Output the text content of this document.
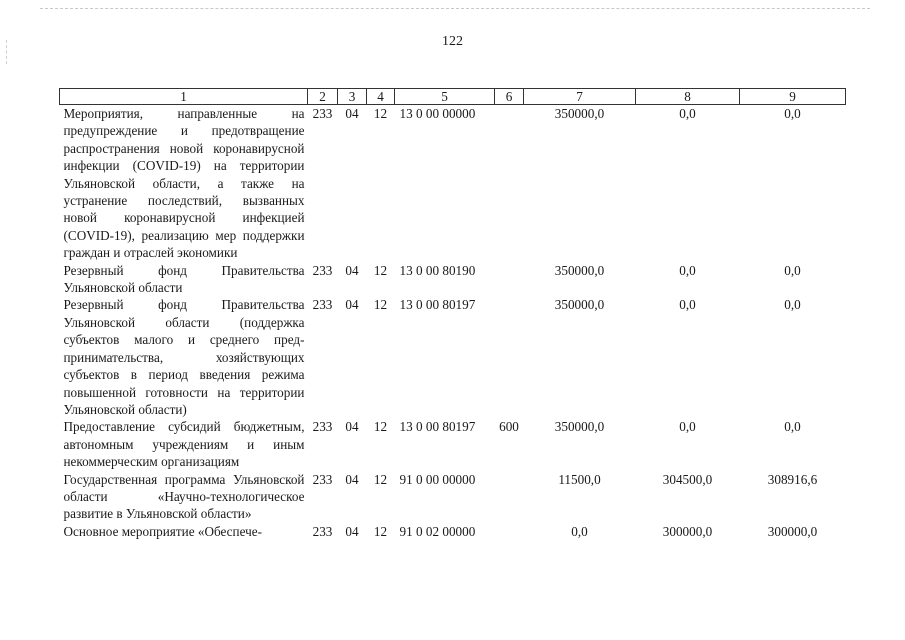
122
1	2	3	4	5	6	7	8	9
Мероприятия, направленные на предупреждение и предотвращение распространения новой коронавирусной инфекции (COVID-19) на территории Ульяновской области, а также на устранение последствий, вызванных новой коронавирусной инфекцией (COVID-19), реализацию мер поддержки граждан и отраслей экономики	233	04	12	13 0 00 00000		350000,0	0,0	0,0
Резервный фонд Правительства Ульяновской области	233	04	12	13 0 00 80190		350000,0	0,0	0,0
Резервный фонд Правительства Ульяновской области (поддержка субъектов малого и среднего предпринимательства, хозяйствующих субъектов в период введения режима повышенной готовности на территории Ульяновской области)	233	04	12	13 0 00 80197		350000,0	0,0	0,0
Предоставление субсидий бюджетным, автономным учреждениям и иным некоммерческим организациям	233	04	12	13 0 00 80197	600	350000,0	0,0	0,0
Государственная программа Ульяновской области «Научно-технологическое развитие в Ульяновской области»	233	04	12	91 0 00 00000		11500,0	304500,0	308916,6
Основное мероприятие «Обеспече-	233	04	12	91 0 02 00000		0,0	300000,0	300000,0
